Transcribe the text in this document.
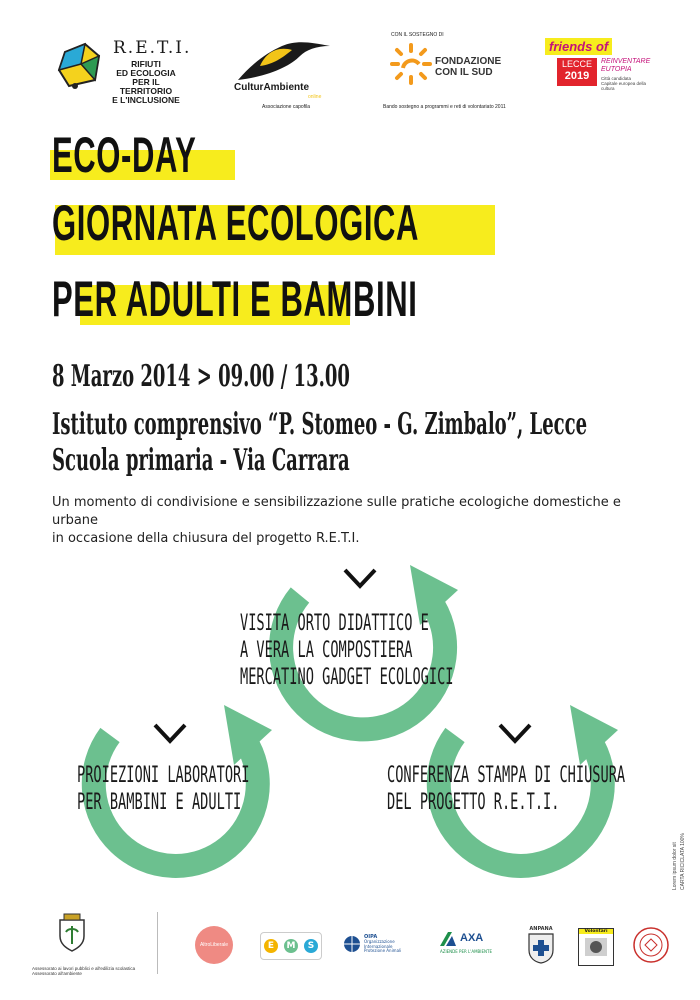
R.E.T.I.
RIFIUTI
ED ECOLOGIA
PER IL TERRITORIO
E L'INCLUSIONE
CulturAmbiente
online
Associazione capofila
CON IL SOSTEGNO DI
FONDAZIONE
CON IL SUD
Bando sostegno a programmi e reti di volontariato 2011
friends of
LECCE
2019
REINVENTARE
EUTOPIA
Città candidata
Capitale europea della cultura
ECO-DAY
GIORNATA ECOLOGICA
PER ADULTI E BAMBINI
8 Marzo 2014 > 09.00 / 13.00
Istituto comprensivo “P. Stomeo - G. Zimbalo”, Lecce
Scuola primaria - Via Carrara
Un momento di condivisione e sensibilizzazione sulle pratiche ecologiche domestiche e urbane
in occasione della chiusura del progetto R.E.T.I.
VISITA ORTO DIDATTICO E
A VERA LA COMPOSTIERA
MERCATINO GADGET ECOLOGICI
PROIEZIONI LABORATORI
PER BAMBINI E ADULTI
CONFERENZA STAMPA DI CHIUSURA
DEL PROGETTO R.E.T.I.
CARTA RICICLATA 100%
Lorem ipsum dolor sit
Assessorato ai lavori pubblici e all'edilizia scolastica
Assessorato all'ambiente
AltroLiberale	E	M	S
OIPA
Organizzazione Internazionale Protezione Animali
AXA
AZIENDE PER L'AMBIENTE
ANPANA	Volontari
